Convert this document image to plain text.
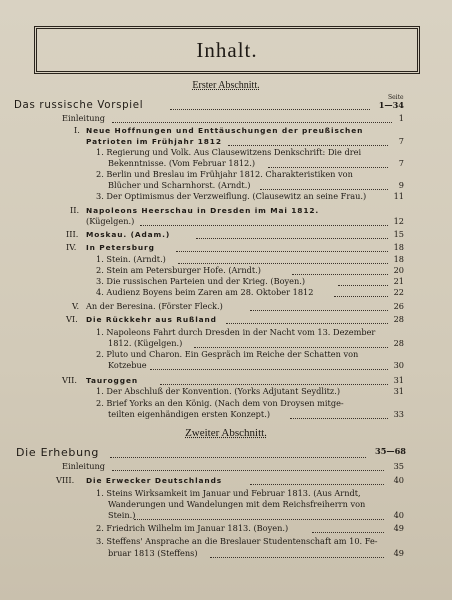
Inhalt.
Erster Abschnitt.
Seite
Das russische Vorspiel	1—34
Einleitung	1
I. Neue Hoffnungen und Enttäuschungen der preußischen
Patrioten im Frühjahr 1812	7
1. Regierung und Volk. Aus Clausewitzens Denkschrift: Die drei
Bekenntnisse. (Vom Februar 1812.)	7
2. Berlin und Breslau im Frühjahr 1812. Charakteristiken von
Blücher und Scharnhorst. (Arndt.)	9
3. Der Optimismus der Verzweiflung. (Clausewitz an seine Frau.)	11
II. Napoleons Heerschau in Dresden im Mai 1812.
(Kügelgen.)	12
III. Moskau. (Adam.)	15
IV. In Petersburg	18
1. Stein. (Arndt.)	18
2. Stein am Petersburger Hofe. (Arndt.)	20
3. Die russischen Parteien und der Krieg. (Boyen.)	21
4. Audienz Boyens beim Zaren am 28. Oktober 1812	22
V. An der Beresina. (Förster Fleck.)	26
VI. Die Rückkehr aus Rußland	28
1. Napoleons Fahrt durch Dresden in der Nacht vom 13. Dezember
1812. (Kügelgen.)	28
2. Pluto und Charon. Ein Gespräch im Reiche der Schatten von
Kotzebue	30
VII. Tauroggen	31
1. Der Abschluß der Konvention. (Yorks Adjutant Seydlitz.)	31
2. Brief Yorks an den König. (Nach dem von Droysen mitge-
teilten eigenhändigen ersten Konzept.)	33
Zweiter Abschnitt.
Die Erhebung	35—68
Einleitung	35
VIII. Die Erwecker Deutschlands	40
1. Steins Wirksamkeit im Januar und Februar 1813. (Aus Arndt,
Wanderungen und Wandelungen mit dem Reichsfreiherrn von
Stein.)	40
2. Friedrich Wilhelm im Januar 1813. (Boyen.)	49
3. Steffens' Ansprache an die Breslauer Studentenschaft am 10. Fe-
bruar 1813 (Steffens)	49
